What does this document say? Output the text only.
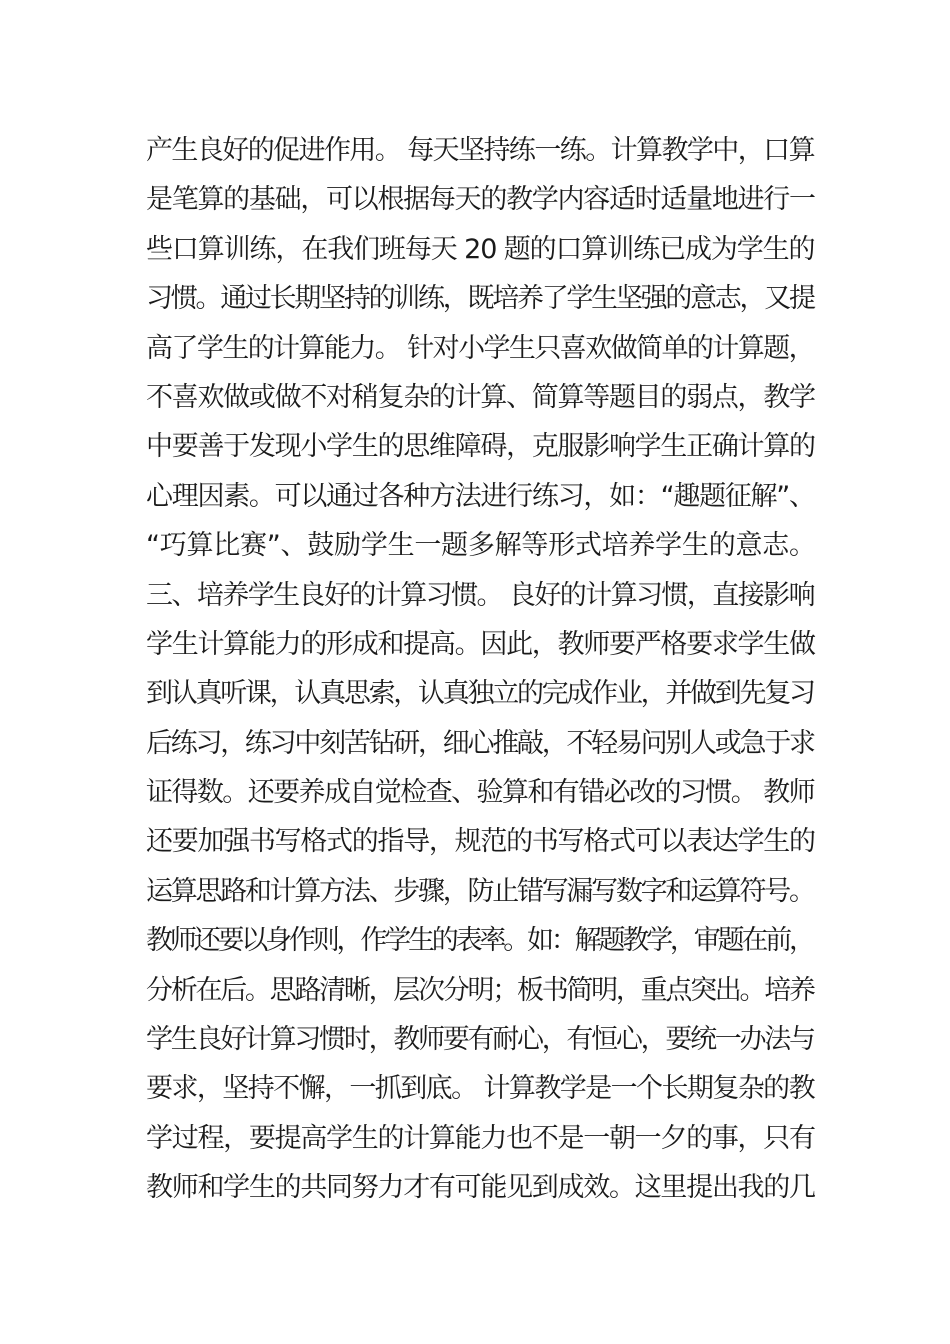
产生良好的促进作用。 每天坚持练一练。计算教学中，口算
是笔算的基础，可以根据每天的教学内容适时适量地进行一
些口算训练，在我们班每天 20 题的口算训练已成为学生的
习惯。通过长期坚持的训练，既培养了学生坚强的意志，又提
高了学生的计算能力。 针对小学生只喜欢做简单的计算题，
不喜欢做或做不对稍复杂的计算、简算等题目的弱点，教学
中要善于发现小学生的思维障碍，克服影响学生正确计算的
心理因素。可以通过各种方法进行练习，如：“趣题征解”、
“巧算比赛”、鼓励学生一题多解等形式培养学生的意志。
三、培养学生良好的计算习惯。 良好的计算习惯，直接影响
学生计算能力的形成和提高。因此，教师要严格要求学生做
到认真听课，认真思索，认真独立的完成作业，并做到先复习
后练习，练习中刻苦钻研，细心推敲，不轻易问别人或急于求
证得数。还要养成自觉检查、验算和有错必改的习惯。 教师
还要加强书写格式的指导，规范的书写格式可以表达学生的
运算思路和计算方法、步骤，防止错写漏写数字和运算符号。
教师还要以身作则，作学生的表率。如：解题教学，审题在前，
分析在后。思路清晰，层次分明；板书简明，重点突出。培养
学生良好计算习惯时，教师要有耐心，有恒心，要统一办法与
要求，坚持不懈，一抓到底。 计算教学是一个长期复杂的教
学过程，要提高学生的计算能力也不是一朝一夕的事，只有
教师和学生的共同努力才有可能见到成效。这里提出我的几
